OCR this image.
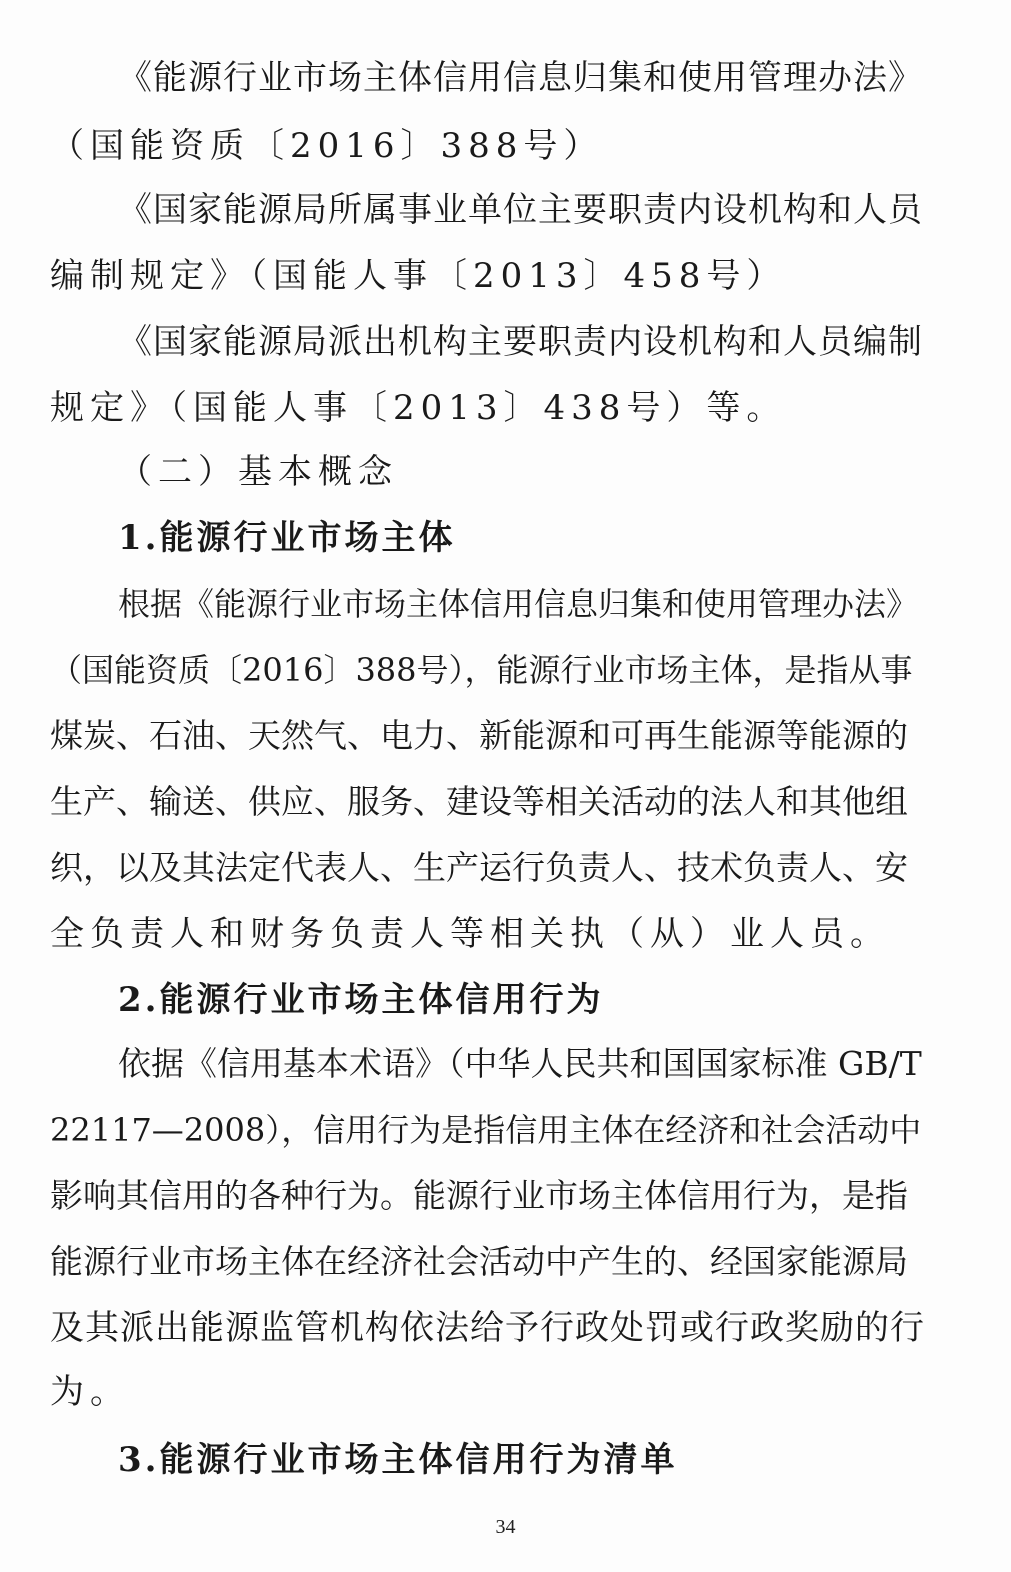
《能源行业市场主体信用信息归集和使用管理办法》
（国能资质〔2016〕388号）
《国家能源局所属事业单位主要职责内设机构和人员
编制规定》（国能人事〔2013〕458号）
《国家能源局派出机构主要职责内设机构和人员编制
规定》（国能人事〔2013〕438号）等。
（二）基本概念
1.能源行业市场主体
根据《能源行业市场主体信用信息归集和使用管理办法》
（国能资质〔2016〕388号），能源行业市场主体，是指从事
煤炭、石油、天然气、电力、新能源和可再生能源等能源的
生产、输送、供应、服务、建设等相关活动的法人和其他组
织，以及其法定代表人、生产运行负责人、技术负责人、安
全负责人和财务负责人等相关执（从）业人员。
2.能源行业市场主体信用行为
依据《信用基本术语》（中华人民共和国国家标准 GB/T
22117—2008），信用行为是指信用主体在经济和社会活动中
影响其信用的各种行为。能源行业市场主体信用行为，是指
能源行业市场主体在经济社会活动中产生的、经国家能源局
及其派出能源监管机构依法给予行政处罚或行政奖励的行
为。
3.能源行业市场主体信用行为清单
34
